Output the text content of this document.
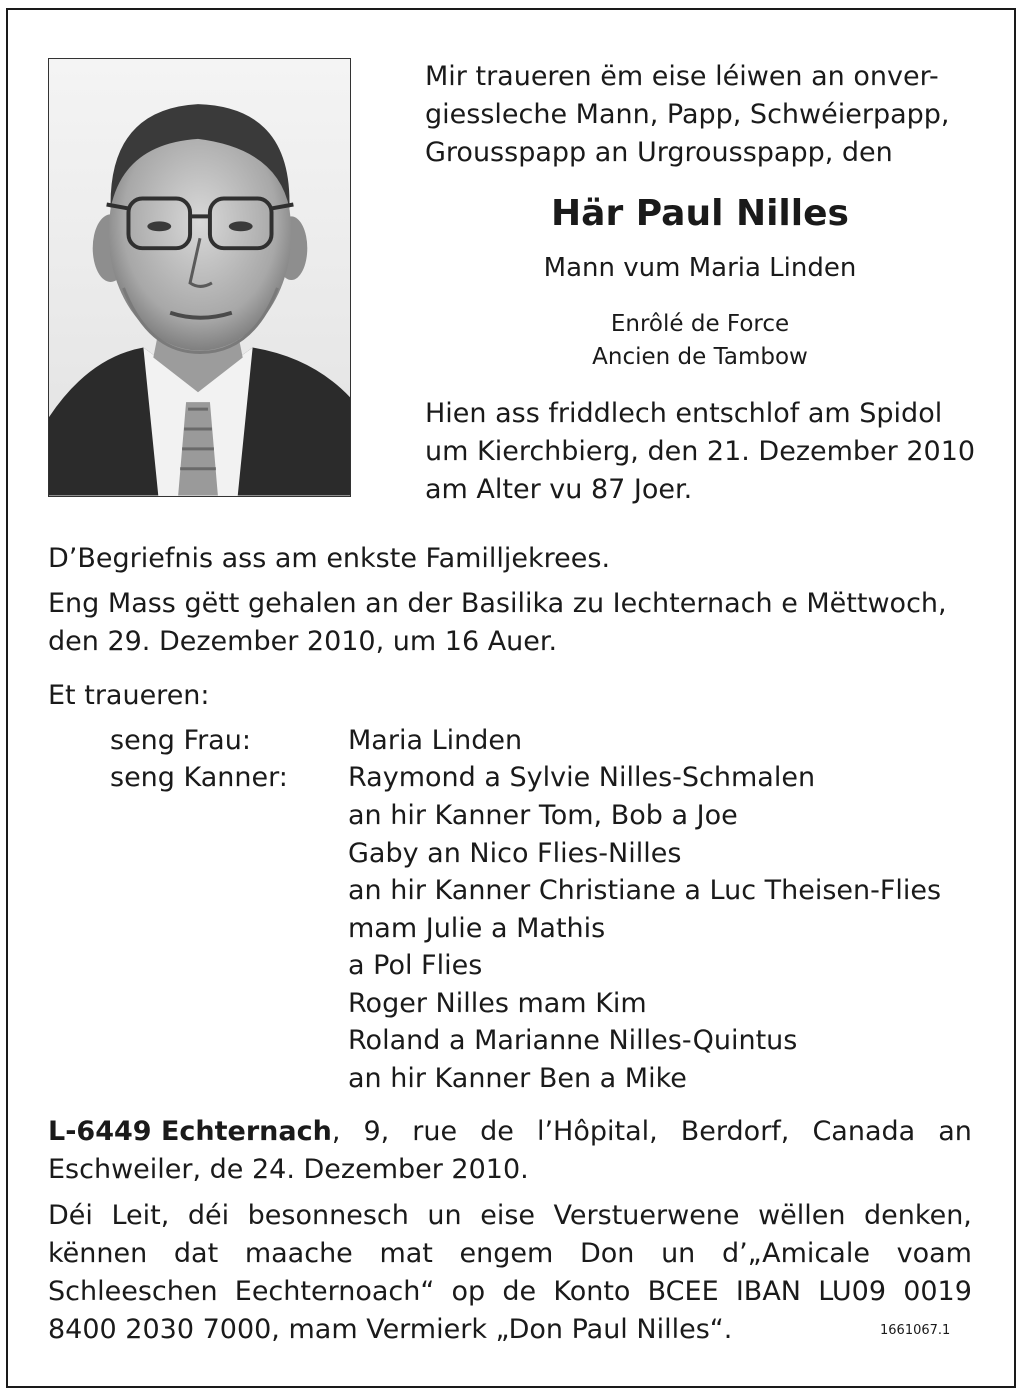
Mir traueren ëm eise léiwen an onver-
giessleche Mann, Papp, Schwéierpapp,
Grousspapp an Urgrousspapp, den
Här Paul Nilles
Mann vum Maria Linden
Enrôlé de Force
Ancien de Tambow
Hien ass friddlech entschlof am Spidol
um Kierchbierg, den 21. Dezember 2010
am Alter vu 87 Joer.
D’Begriefnis ass am enkste Familljekrees.
Eng Mass gëtt gehalen an der Basilika zu Iechternach e Mëttwoch,
den 29. Dezember 2010, um 16 Auer.
Et traueren:
seng Frau:	Maria Linden
seng Kanner: Raymond a Sylvie Nilles-Schmalen
an hir Kanner Tom, Bob a Joe
Gaby an Nico Flies-Nilles
an hir Kanner Christiane a Luc Theisen-Flies
mam Julie a Mathis
a Pol Flies
Roger Nilles mam Kim
Roland a Marianne Nilles-Quintus
an hir Kanner Ben a Mike
L-6449 Echternach, 9, rue de l’Hôpital, Berdorf, Canada an
Eschweiler, de 24. Dezember 2010.
Déi Leit, déi besonnesch un eise Verstuerwene wëllen denken,
kënnen dat maache mat engem Don un d’„Amicale voam
Schleeschen Eechternoach“ op de Konto BCEE IBAN LU09 0019
8400 2030 7000, mam Vermierk „Don Paul Nilles“.	1661067.1
